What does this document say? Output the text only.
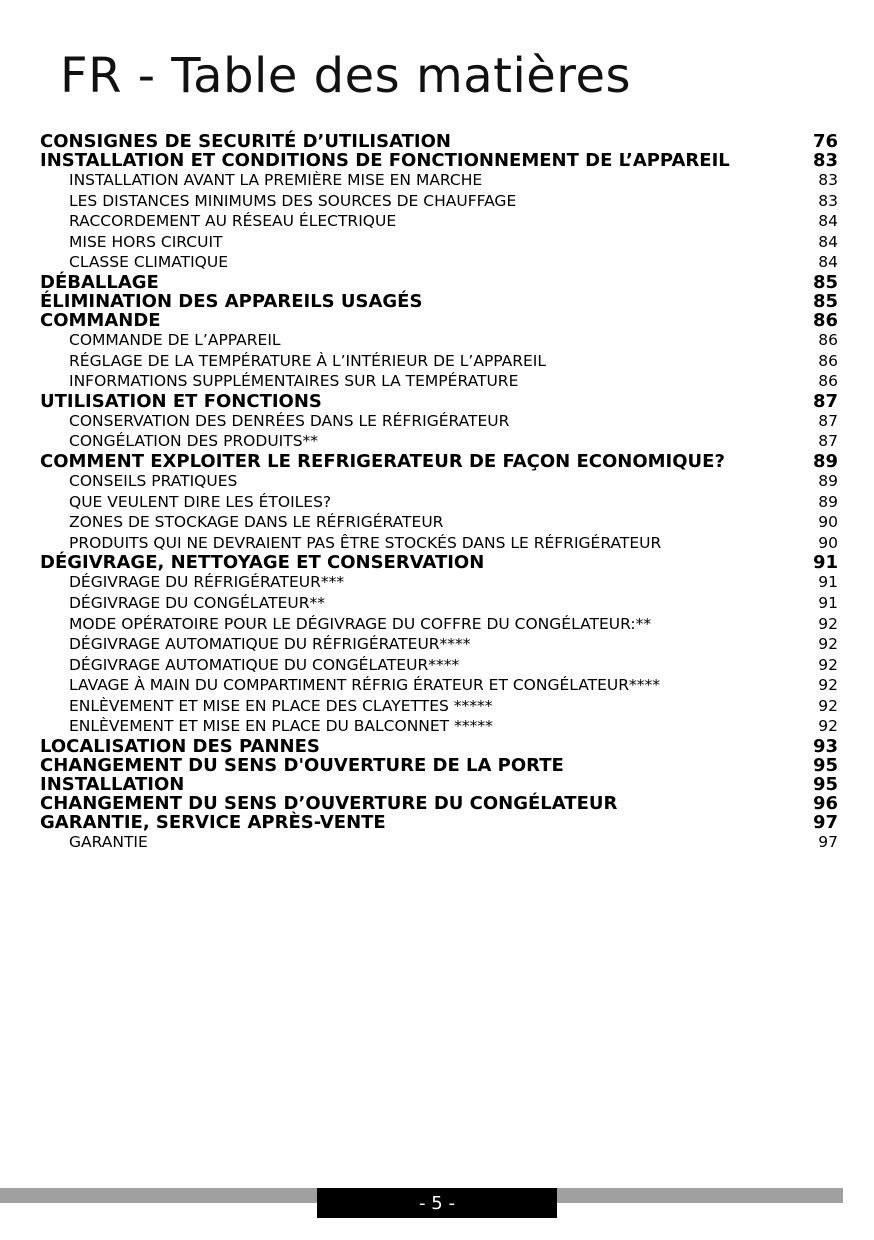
FR - Table des matières
CONSIGNES DE SECURITÉ D’UTILISATION	76
INSTALLATION ET CONDITIONS DE FONCTIONNEMENT DE L’APPAREIL	83
INSTALLATION AVANT LA PREMIÈRE MISE EN MARCHE	83
LES DISTANCES MINIMUMS DES SOURCES DE CHAUFFAGE	83
RACCORDEMENT AU RÉSEAU ÉLECTRIQUE	84
MISE HORS CIRCUIT	84
CLASSE CLIMATIQUE	84
DÉBALLAGE	85
ÉLIMINATION DES APPAREILS USAGÉS	85
COMMANDE	86
COMMANDE DE L’APPAREIL	86
RÉGLAGE DE LA TEMPÉRATURE À L’INTÉRIEUR DE L’APPAREIL	86
INFORMATIONS SUPPLÉMENTAIRES SUR LA TEMPÉRATURE	86
UTILISATION ET FONCTIONS	87
CONSERVATION DES DENRÉES DANS LE RÉFRIGÉRATEUR	87
CONGÉLATION DES PRODUITS**	87
COMMENT EXPLOITER LE REFRIGERATEUR DE FAÇON ECONOMIQUE?	89
CONSEILS PRATIQUES	89
QUE VEULENT DIRE LES ÉTOILES?	89
ZONES DE STOCKAGE DANS LE RÉFRIGÉRATEUR	90
PRODUITS QUI NE DEVRAIENT PAS ÊTRE STOCKÉS DANS LE RÉFRIGÉRATEUR	90
DÉGIVRAGE, NETTOYAGE ET CONSERVATION	91
DÉGIVRAGE DU RÉFRIGÉRATEUR***	91
DÉGIVRAGE DU CONGÉLATEUR**	91
MODE OPÉRATOIRE POUR LE DÉGIVRAGE DU COFFRE DU CONGÉLATEUR:**	92
DÉGIVRAGE AUTOMATIQUE DU RÉFRIGÉRATEUR****	92
DÉGIVRAGE AUTOMATIQUE DU CONGÉLATEUR****	92
LAVAGE À MAIN DU COMPARTIMENT RÉFRIG ÉRATEUR ET CONGÉLATEUR****	92
ENLÈVEMENT ET MISE EN PLACE DES CLAYETTES *****	92
ENLÈVEMENT ET MISE EN PLACE DU BALCONNET *****	92
LOCALISATION DES PANNES	93
CHANGEMENT DU SENS D'OUVERTURE DE LA PORTE	95
INSTALLATION	95
CHANGEMENT DU SENS D’OUVERTURE DU CONGÉLATEUR	96
GARANTIE, SERVICE APRÈS-VENTE	97
GARANTIE	97
- 5 -
